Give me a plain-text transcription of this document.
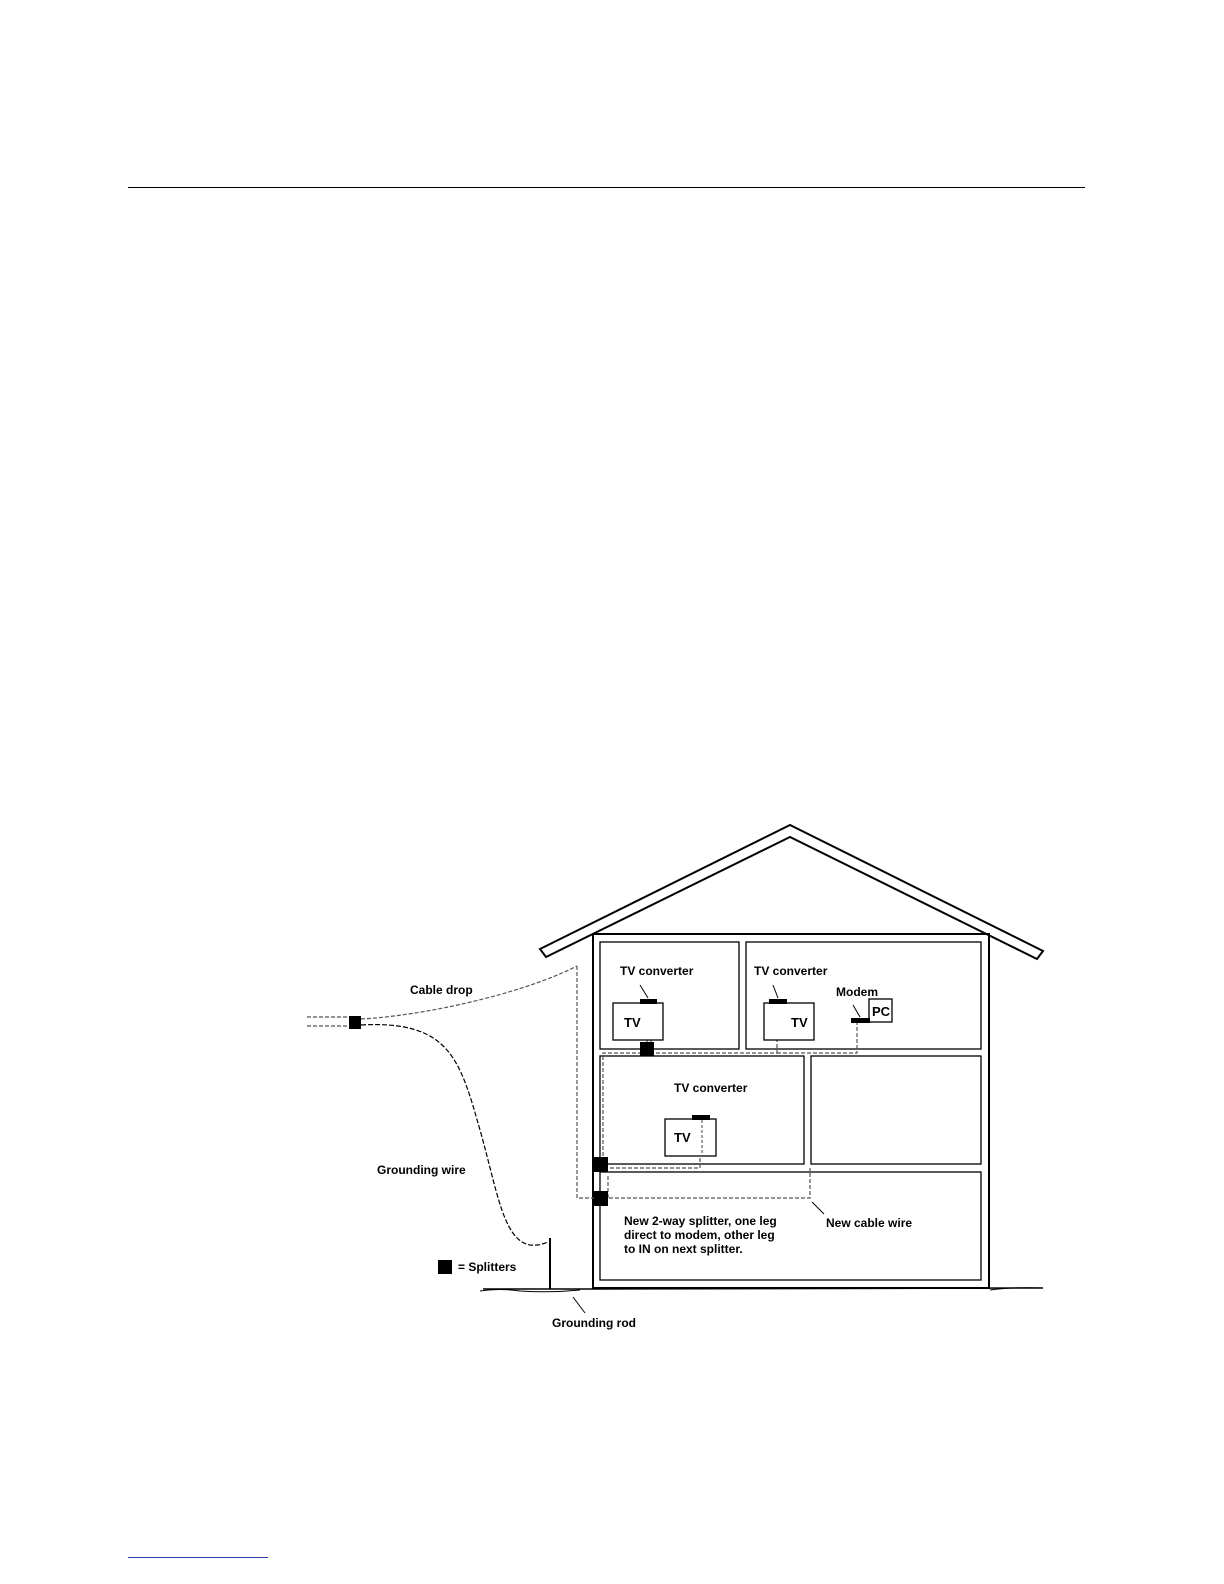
Cable drop
Grounding wire
Grounding rod
= Splitters
New cable wire
New 2-way splitter, one leg
direct to modem, other leg
to IN on next splitter.
TV converter	TV converter
TV converter
Modem
PC
TV	TV
TV
